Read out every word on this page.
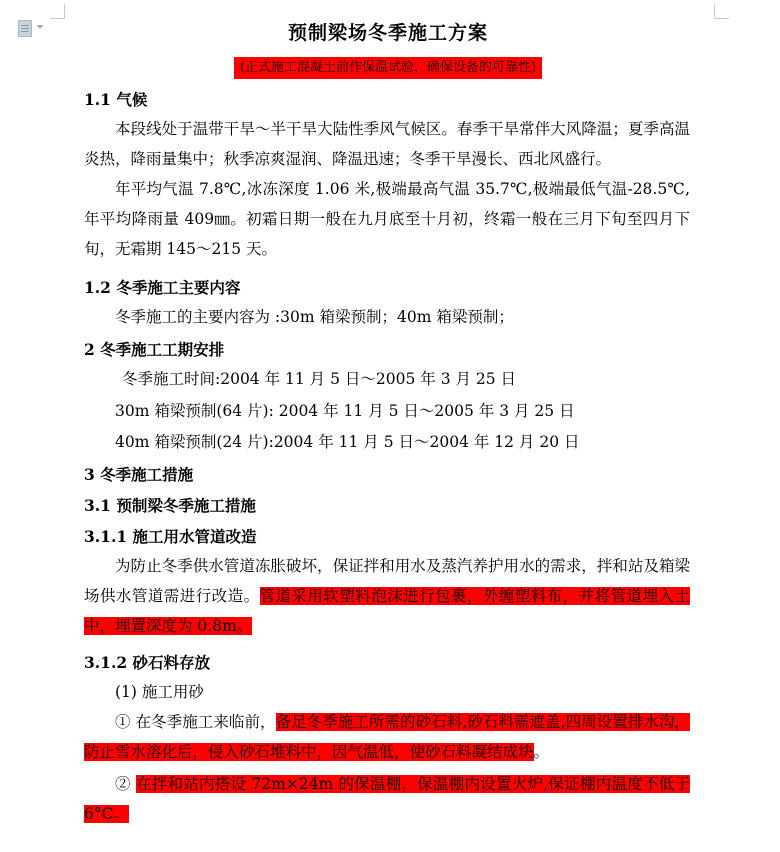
预制梁场冬季施工方案
(正式施工混凝土前作保温试验，确保设备的可靠性)
1.1 气候
本段线处于温带干旱～半干旱大陆性季风气候区。春季干旱常伴大风降温；夏季高温炎热，降雨量集中；秋季凉爽湿润、降温迅速；冬季干旱漫长、西北风盛行。
年平均气温 7.8℃,冰冻深度 1.06 米,极端最高气温 35.7℃,极端最低气温-28.5℃,年平均降雨量 409㎜。初霜日期一般在九月底至十月初，终霜一般在三月下旬至四月下旬，无霜期 145～215 天。
1.2 冬季施工主要内容
冬季施工的主要内容为 :30m 箱梁预制；40m 箱梁预制；
2 冬季施工工期安排
冬季施工时间:2004 年 11 月 5 日～2005 年 3 月 25 日
30m 箱梁预制(64 片): 2004 年 11 月 5 日～2005 年 3 月 25 日
40m 箱梁预制(24 片):2004 年 11 月 5 日～2004 年 12 月 20 日
3 冬季施工措施
3.1 预制梁冬季施工措施
3.1.1 施工用水管道改造
为防止冬季供水管道冻胀破坏，保证拌和用水及蒸汽养护用水的需求，拌和站及箱梁场供水管道需进行改造。管道采用软塑料泡沫进行包裹，外缠塑料布，并将管道埋入土中，埋置深度为 0.8m。
3.1.2 砂石料存放
(1) 施工用砂
① 在冬季施工来临前，备足冬季施工所需的砂石料,砂石料需遮盖,四周设置排水沟，防止雪水溶化后，侵入砂石堆料中，因气温低，使砂石料凝结成块。
② 在拌和站内搭设 72m×24m 的保温棚，保温棚内设置火炉,保证棚内温度不低于 6°C。
